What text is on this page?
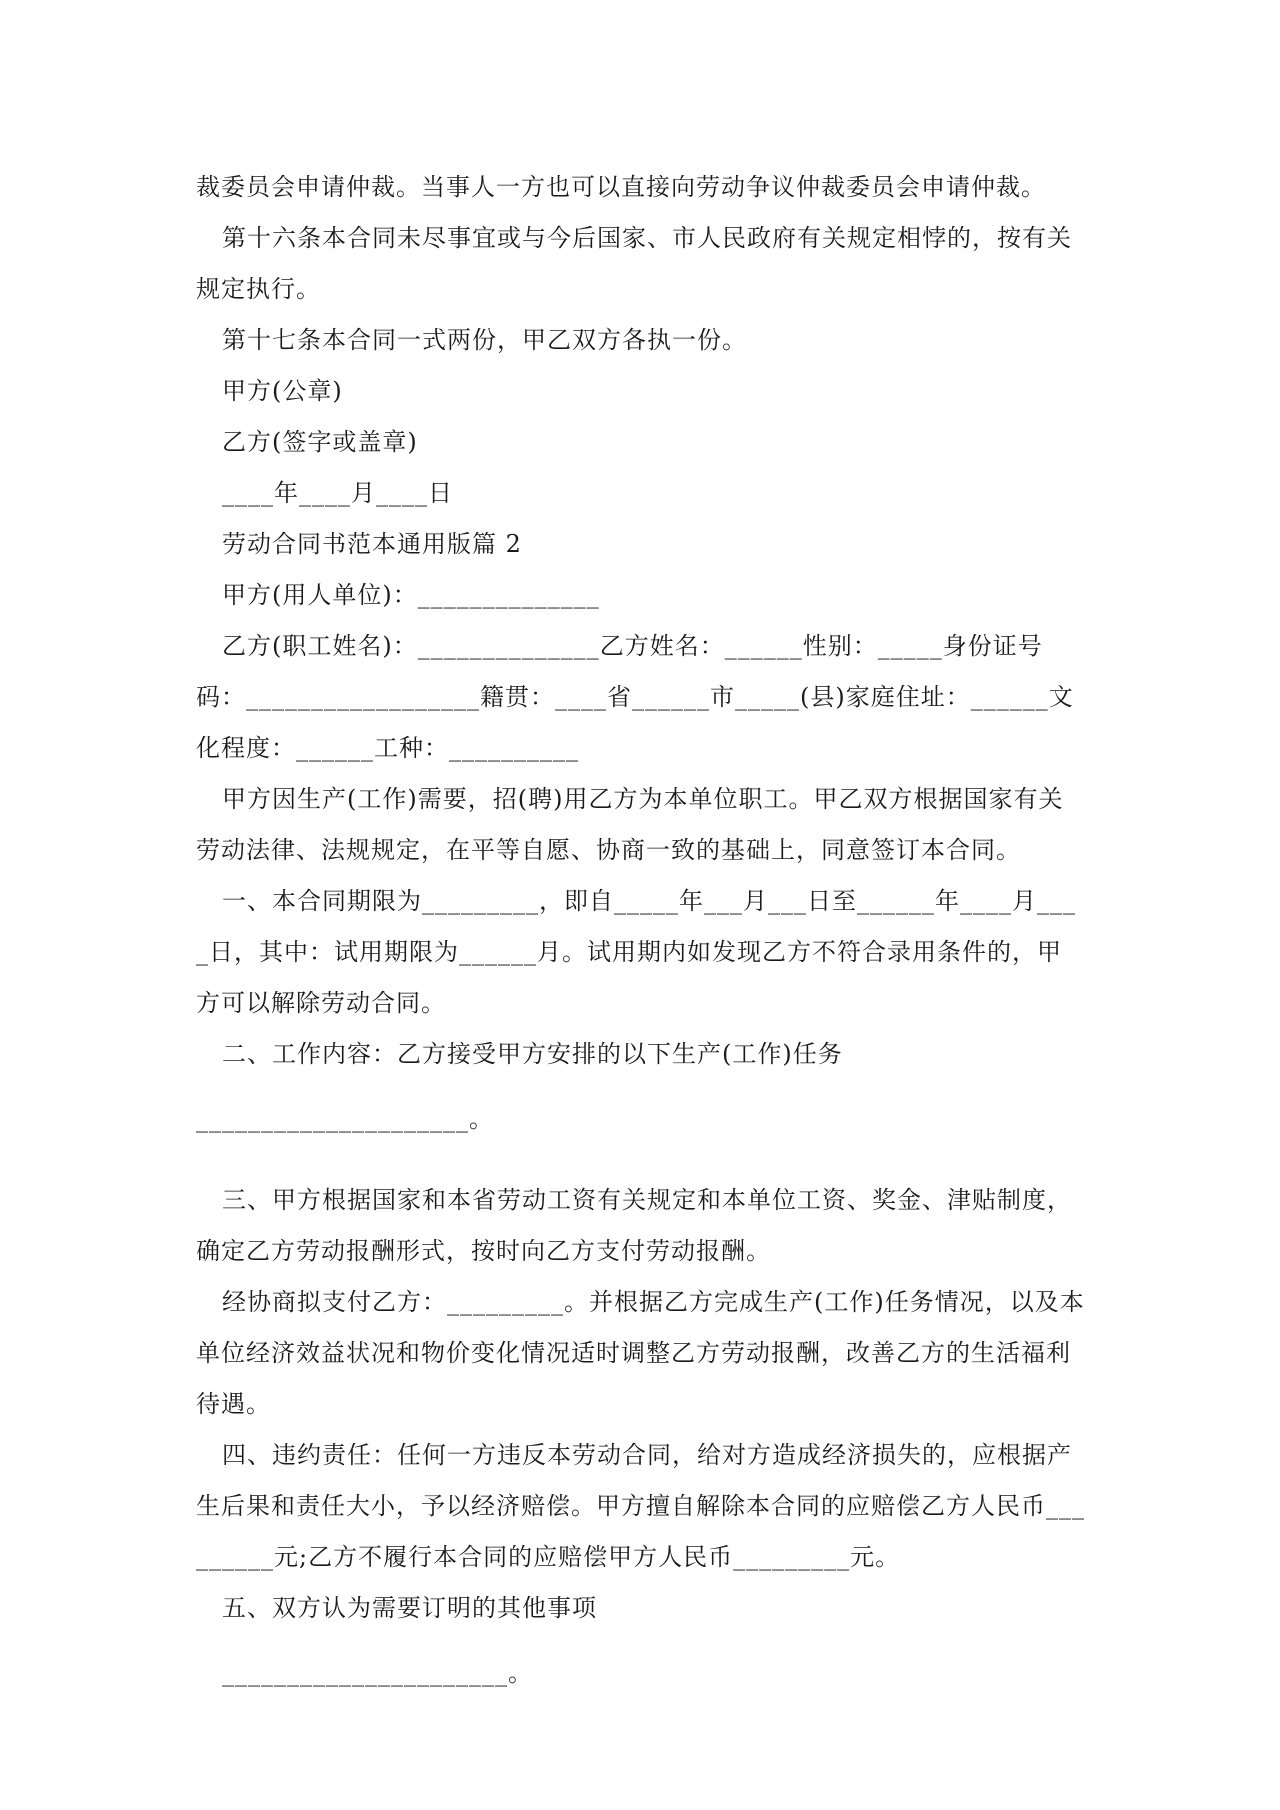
裁委员会申请仲裁。当事人一方也可以直接向劳动争议仲裁委员会申请仲裁。

第十六条本合同未尽事宜或与今后国家、市人民政府有关规定相悖的，按有关规定执行。

第十七条本合同一式两份，甲乙双方各执一份。

甲方(公章)

乙方(签字或盖章)

____年____月____日

劳动合同书范本通用版篇 2

甲方(用人单位)：______________

乙方(职工姓名)：______________乙方姓名：______性别：_____身份证号码：__________________籍贯：____省______市_____(县)家庭住址：______文化程度：______工种：__________

甲方因生产(工作)需要，招(聘)用乙方为本单位职工。甲乙双方根据国家有关劳动法律、法规规定，在平等自愿、协商一致的基础上，同意签订本合同。

一、本合同期限为_________，即自_____年___月___日至______年____月____日，其中：试用期限为______月。试用期内如发现乙方不符合录用条件的，甲方可以解除劳动合同。

二、工作内容：乙方接受甲方安排的以下生产(工作)任务

_____________________。

三、甲方根据国家和本省劳动工资有关规定和本单位工资、奖金、津贴制度，确定乙方劳动报酬形式，按时向乙方支付劳动报酬。

经协商拟支付乙方：_________。并根据乙方完成生产(工作)任务情况，以及本单位经济效益状况和物价变化情况适时调整乙方劳动报酬，改善乙方的生活福利待遇。

四、违约责任：任何一方违反本劳动合同，给对方造成经济损失的，应根据产生后果和责任大小，予以经济赔偿。甲方擅自解除本合同的应赔偿乙方人民币_________元;乙方不履行本合同的应赔偿甲方人民币_________元。

五、双方认为需要订明的其他事项

______________________。
